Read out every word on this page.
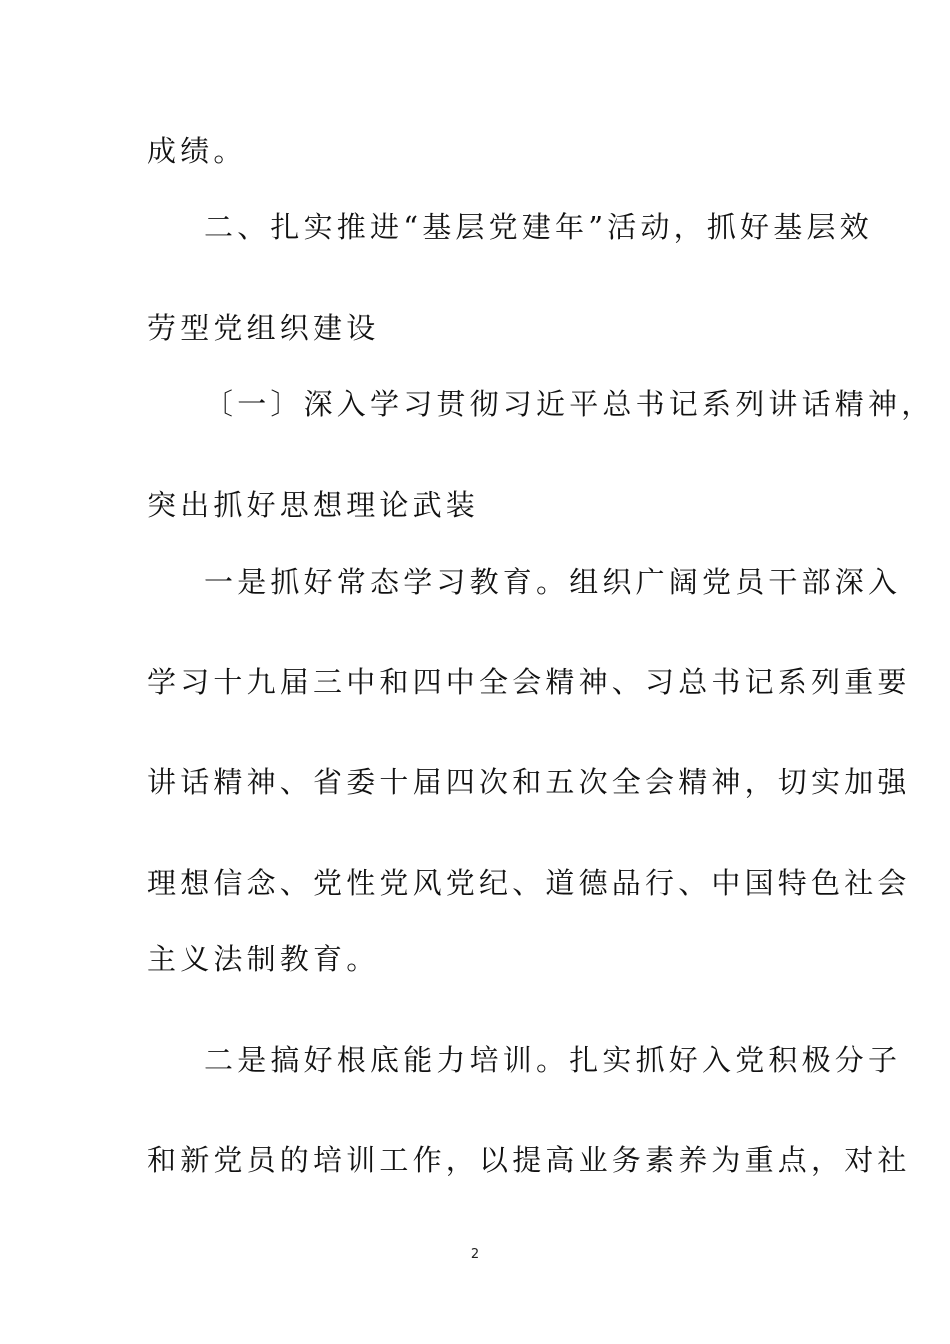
成绩。
二、扎实推进“基层党建年”活动，抓好基层效
劳型党组织建设
〔一〕深入学习贯彻习近平总书记系列讲话精神，
突出抓好思想理论武装
一是抓好常态学习教育。组织广阔党员干部深入
学习十九届三中和四中全会精神、习总书记系列重要
讲话精神、省委十届四次和五次全会精神，切实加强
理想信念、党性党风党纪、道德品行、中国特色社会
主义法制教育。
二是搞好根底能力培训。扎实抓好入党积极分子
和新党员的培训工作，以提高业务素养为重点，对社
2
